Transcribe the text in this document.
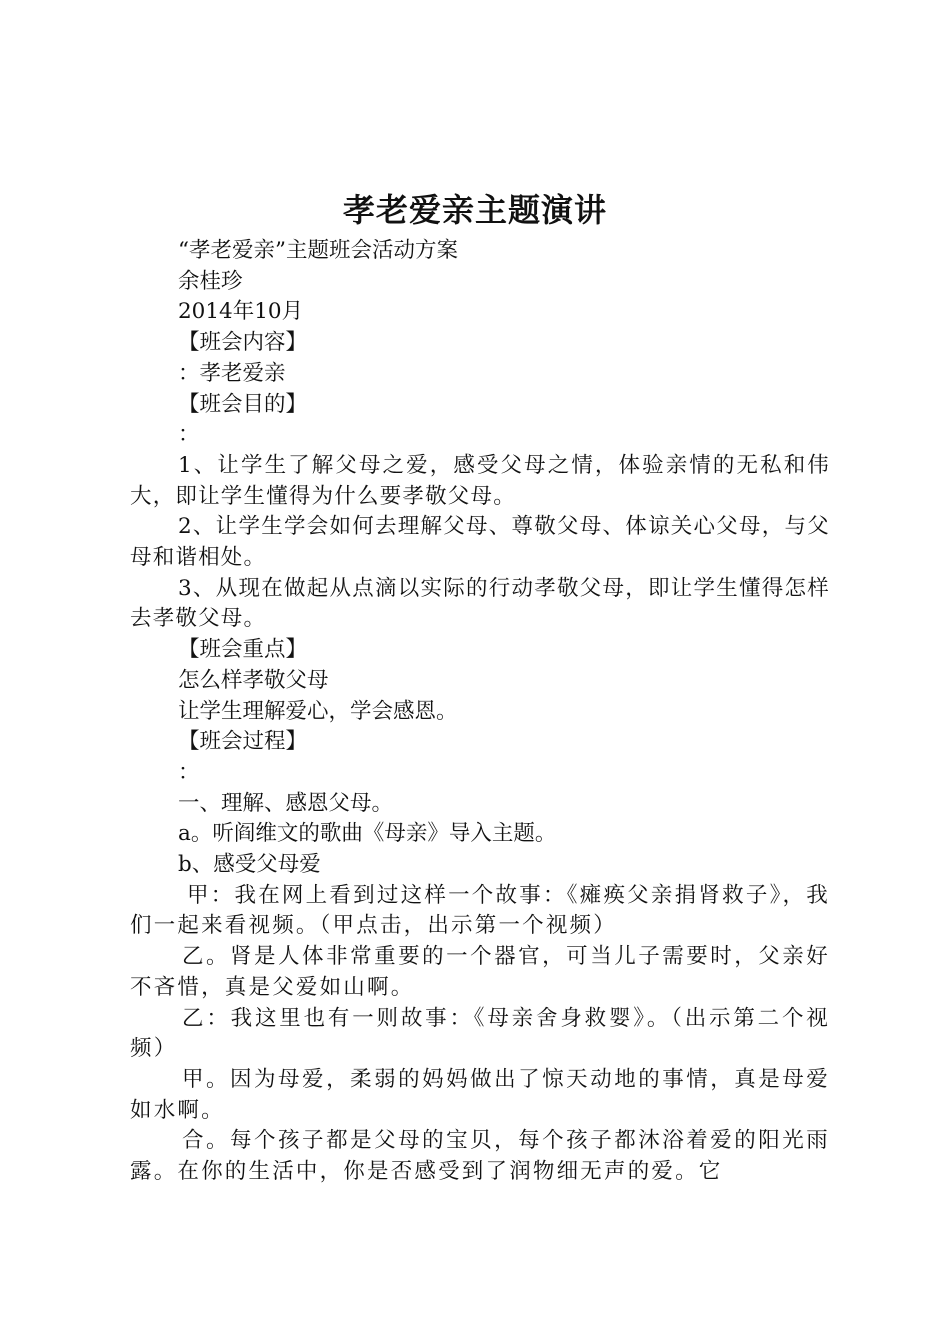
孝老爱亲主题演讲

“孝老爱亲”主题班会活动方案

余桂珍

2014年10月

【班会内容】

：孝老爱亲

【班会目的】

：

1、让学生了解父母之爱，感受父母之情，体验亲情的无私和伟大，即让学生懂得为什么要孝敬父母。

2、让学生学会如何去理解父母、尊敬父母、体谅关心父母，与父母和谐相处。

3、从现在做起从点滴以实际的行动孝敬父母，即让学生懂得怎样去孝敬父母。

【班会重点】

怎么样孝敬父母

让学生理解爱心，学会感恩。

【班会过程】

：

一、理解、感恩父母。

a。听阎维文的歌曲《母亲》导入主题。

b、感受父母爱

甲：我在网上看到过这样一个故事：《瘫痪父亲捐肾救子》，我们一起来看视频。（甲点击，出示第一个视频）

乙。肾是人体非常重要的一个器官，可当儿子需要时，父亲好不吝惜，真是父爱如山啊。

乙：我这里也有一则故事：《母亲舍身救婴》。（出示第二个视频）

甲。因为母爱，柔弱的妈妈做出了惊天动地的事情，真是母爱如水啊。

合。每个孩子都是父母的宝贝，每个孩子都沐浴着爱的阳光雨露。在你的生活中，你是否感受到了润物细无声的爱。它
